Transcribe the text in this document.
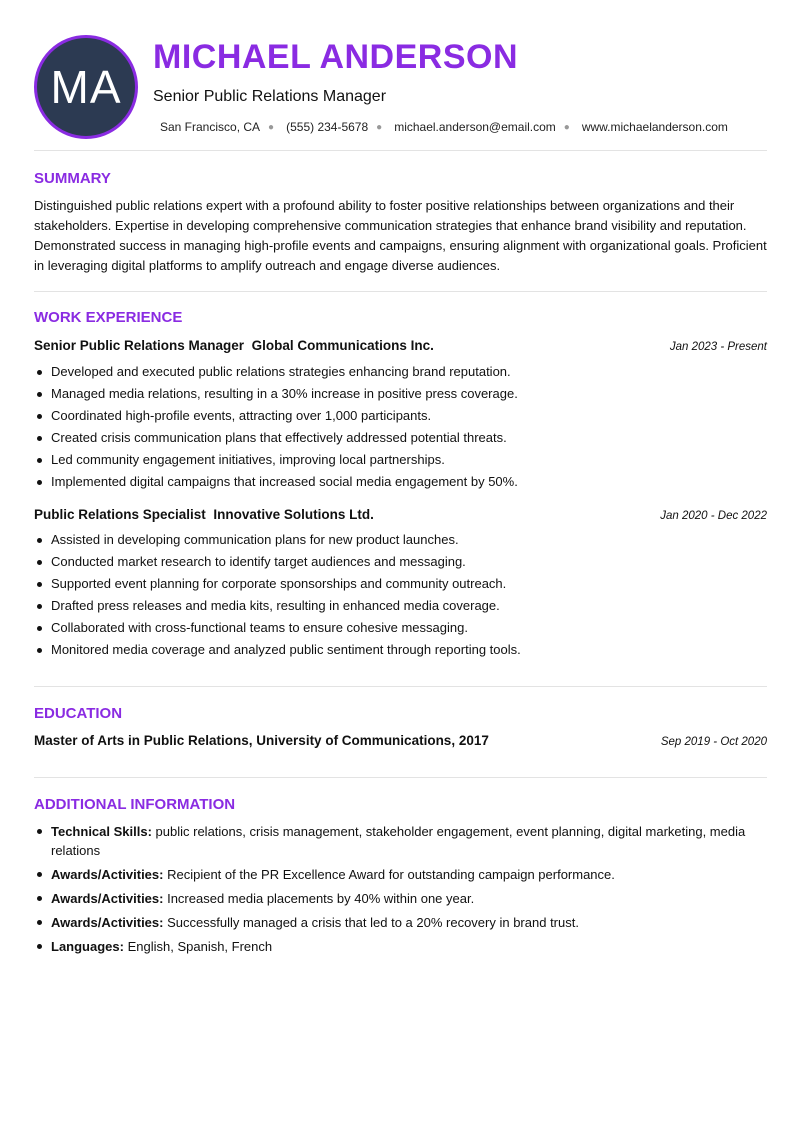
MA
MICHAEL ANDERSON
Senior Public Relations Manager
San Francisco, CA ● (555) 234-5678 ● michael.anderson@email.com ● www.michaelanderson.com
SUMMARY

Distinguished public relations expert with a profound ability to foster positive relationships between organizations and their stakeholders. Expertise in developing comprehensive communication strategies that enhance brand visibility and reputation. Demonstrated success in managing high-profile events and campaigns, ensuring alignment with organizational goals. Proficient in leveraging digital platforms to amplify outreach and engage diverse audiences.

WORK EXPERIENCE
Senior Public Relations Manager Global Communications Inc.	Jan 2023 - Present
Developed and executed public relations strategies enhancing brand reputation.
Managed media relations, resulting in a 30% increase in positive press coverage.
Coordinated high-profile events, attracting over 1,000 participants.
Created crisis communication plans that effectively addressed potential threats.
Led community engagement initiatives, improving local partnerships.
Implemented digital campaigns that increased social media engagement by 50%.
Public Relations Specialist Innovative Solutions Ltd.	Jan 2020 - Dec 2022
Assisted in developing communication plans for new product launches.
Conducted market research to identify target audiences and messaging.
Supported event planning for corporate sponsorships and community outreach.
Drafted press releases and media kits, resulting in enhanced media coverage.
Collaborated with cross-functional teams to ensure cohesive messaging.
Monitored media coverage and analyzed public sentiment through reporting tools.
EDUCATION
Master of Arts in Public Relations, University of Communications, 2017	Sep 2019 - Oct 2020
ADDITIONAL INFORMATION
Technical Skills: public relations, crisis management, stakeholder engagement, event planning, digital marketing, media relations
Awards/Activities: Recipient of the PR Excellence Award for outstanding campaign performance.
Awards/Activities: Increased media placements by 40% within one year.
Awards/Activities: Successfully managed a crisis that led to a 20% recovery in brand trust.
Languages: English, Spanish, French
